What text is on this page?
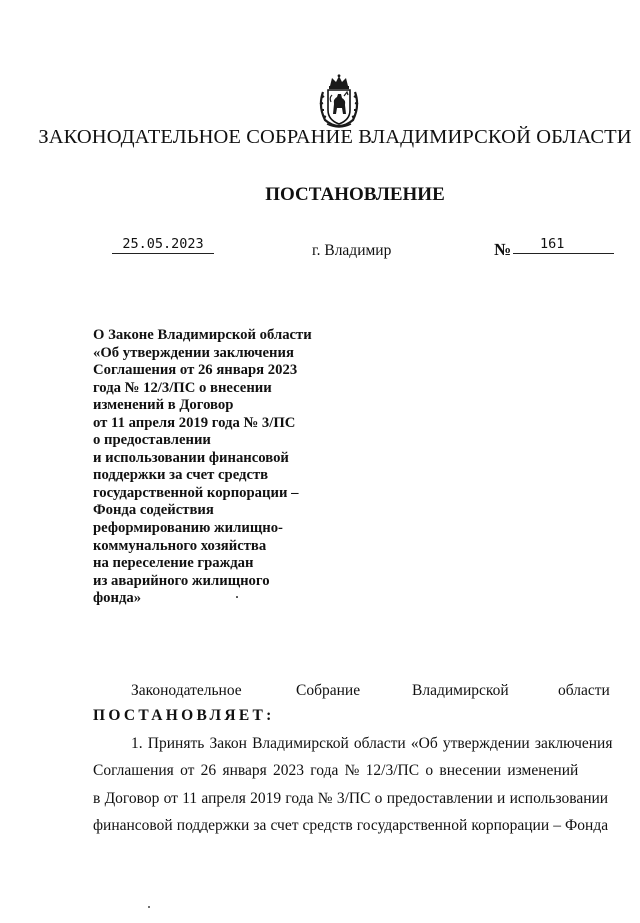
ЗАКОНОДАТЕЛЬНОЕ СОБРАНИЕ ВЛАДИМИРСКОЙ ОБЛАСТИ
ПОСТАНОВЛЕНИЕ
25.05.2023	г. Владимир	№	161
О Законе Владимирской области
«Об утверждении заключения
Соглашения от 26 января 2023
года № 12/3/ПС о внесении
изменений в Договор
от 11 апреля 2019 года № 3/ПС
о предоставлении
и использовании финансовой
поддержки за счет средств
государственной корпорации –
Фонда содействия
реформированию жилищно-
коммунального хозяйства
на переселение граждан
из аварийного жилищного
фонда»
Законодательное	Собрание	Владимирской	области
ПОСТАНОВЛЯЕТ:
1. Принять Закон Владимирской области «Об утверждении заключения
Соглашения от 26 января 2023 года № 12/3/ПС о внесении изменений
в Договор от 11 апреля 2019 года № 3/ПС о предоставлении и использовании
финансовой поддержки за счет средств государственной корпорации – Фонда
